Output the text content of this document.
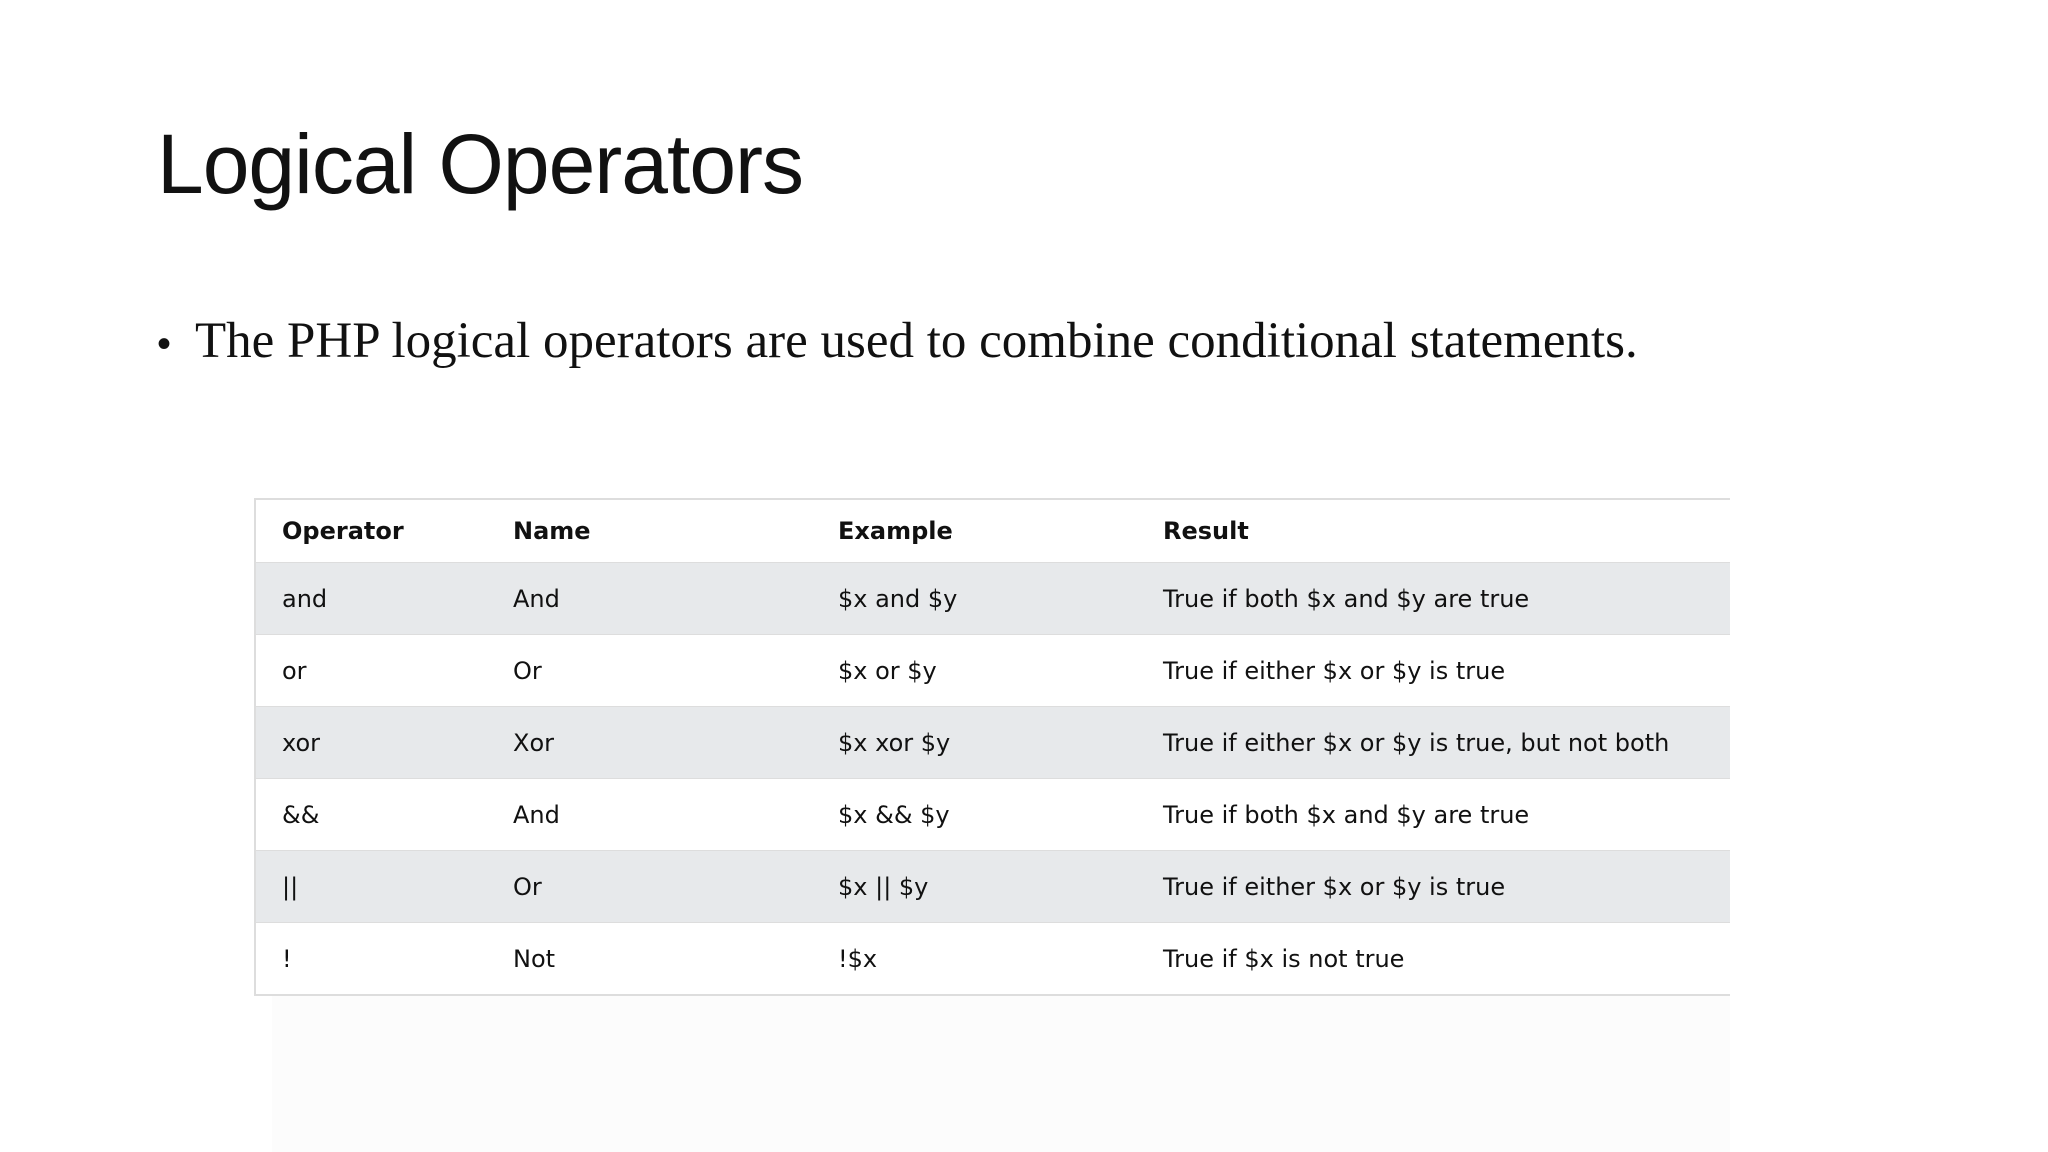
Logical Operators
• The PHP logical operators are used to combine conditional statements.
Operator	Name	Example	Result
and	And	$x and $y	True if both $x and $y are true
or	Or	$x or $y	True if either $x or $y is true
xor	Xor	$x xor $y	True if either $x or $y is true, but not both
&&	And	$x && $y	True if both $x and $y are true
||	Or	$x || $y	True if either $x or $y is true
!	Not	!$x	True if $x is not true
